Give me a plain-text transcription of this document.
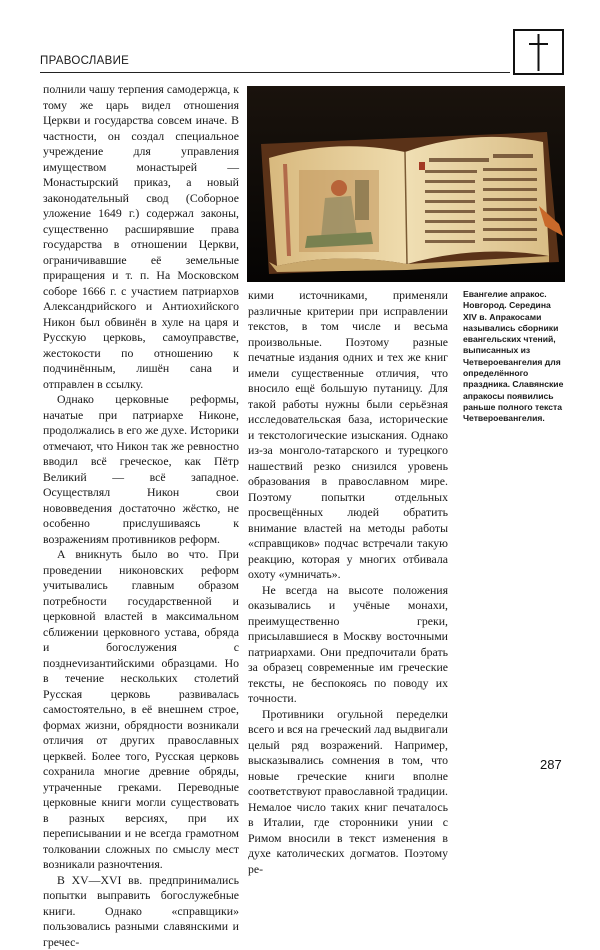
ПРАВОСЛАВИЕ

полнили чашу терпения самодержца, к тому же царь видел отношения Церкви и государства совсем иначе. В частности, он создал специальное учреждение для управления имуществом монастырей — Монастырский приказ, а новый законодательный свод (Соборное уложение 1649 г.) содержал законы, существенно расширявшие права государства в отношении Церкви, ограничивавшие её земельные приращения и т. п. На Московском соборе 1666 г. с участием патриархов Александрийского и Антиохийского Никон был обвинён в хуле на царя и Русскую церковь, самоуправстве, жестокости по отношению к подчинённым, лишён сана и отправлен в ссылку.

Однако церковные реформы, начатые при патриархе Никоне, продолжались в его же духе. Историки отмечают, что Никон так же ревностно вводил всё греческое, как Пётр Великий — всё западное. Осуществлял Никон свои нововведения достаточно жёстко, не особенно прислушиваясь к возражениям противников реформ.

А вникнуть было во что. При проведении никоновских реформ учитывались главным образом потребности государственной и церковной властей в максимальном сближении церковного устава, обряда и богослужения с позднevизантийскими образцами. Но в течение нескольких столетий Русская церковь развивалась самостоятельно, в её внешнем строе, формах жизни, обрядности возникали отличия от других православных церквей. Более того, Русская церковь сохранила многие древние обряды, утраченные греками. Переводные церковные книги могли существовать в разных версиях, при их переписывании и не всегда грамотном толковании сложных по смыслу мест возникали разночтения.

В XV—XVI вв. предпринимались попытки выправить богослужебные книги. Однако «справщики» пользовались разными славянскими и гречес-

кими источниками, применяли различные критерии при исправлении текстов, в том числе и весьма произвольные. Поэтому разные печатные издания одних и тех же книг имели существенные отличия, что вносило ещё большую путаницу. Для такой работы нужны были серьёзная исследовательская база, исторические и текстологические изыскания. Однако из-за монголо-татарского и турецкого нашествий резко снизился уровень образования в православном мире. Поэтому попытки отдельных просвещённых людей обратить внимание властей на методы работы «справщиков» подчас встречали такую реакцию, которая у многих отбивала охоту «умничать».

Не всегда на высоте положения оказывались и учёные монахи, преимущественно греки, присылавшиеся в Москву восточными патриархами. Они предпочитали брать за образец современные им греческие тексты, не беспокоясь по поводу их точности.

Противники огульной переделки всего и вся на греческий лад выдвигали целый ряд возражений. Например, высказывались сомнения в том, что новые греческие книги вполне соответствуют православной традиции. Немалое число таких книг печаталось в Италии, где сторонники унии с Римом вносили в текст изменения в духе католических догматов. Поэтому ре-

Евангелие апракос. Новгород. Середина XIV в. Апракосами назывались сборники евангельских чтений, выписанных из Четвероевангелия для определённого праздника. Славянские апракосы появились раньше полного текста Четвероевангелия.
287
